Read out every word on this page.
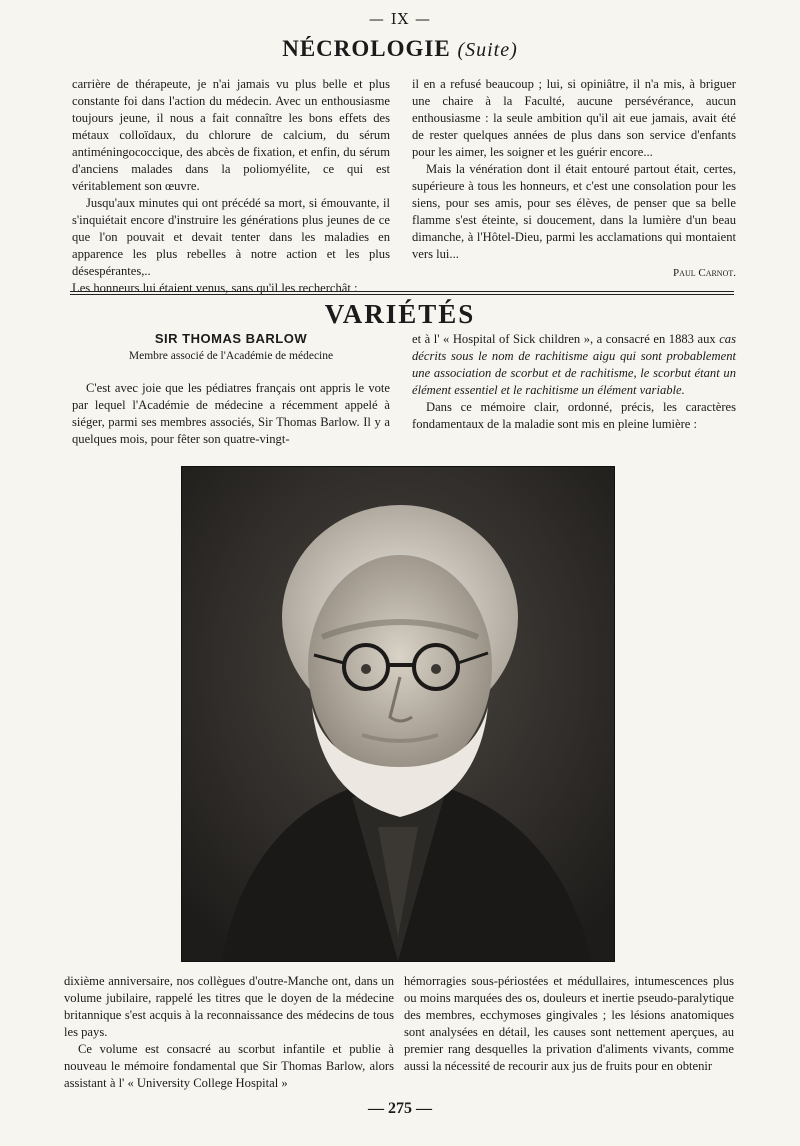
— IX —
NÉCROLOGIE (Suite)

carrière de thérapeute, je n'ai jamais vu plus belle et plus constante foi dans l'action du médecin. Avec un enthousiasme toujours jeune, il nous a fait connaître les bons effets des métaux colloïdaux, du chlorure de calcium, du sérum antiméningococcique, des abcès de fixation, et enfin, du sérum d'anciens malades dans la poliomyélite, ce qui est véritablement son œuvre.

Jusqu'aux minutes qui ont précédé sa mort, si émouvante, il s'inquiétait encore d'instruire les générations plus jeunes de ce que l'on pouvait et devait tenter dans les maladies en apparence les plus rebelles à notre action et les plus désespérantes,..

Les honneurs lui étaient venus, sans qu'il les recherchât :

il en a refusé beaucoup ; lui, si opiniâtre, il n'a mis, à briguer une chaire à la Faculté, aucune persévérance, aucun enthousiasme : la seule ambition qu'il ait eue jamais, avait été de rester quelques années de plus dans son service d'enfants pour les aimer, les soigner et les guérir encore...

Mais la vénération dont il était entouré partout était, certes, supérieure à tous les honneurs, et c'est une consolation pour les siens, pour ses amis, pour ses élèves, de penser que sa belle flamme s'est éteinte, si doucement, dans la lumière d'un beau dimanche, à l'Hôtel-Dieu, parmi les acclamations qui montaient vers lui...

Paul Carnot.

VARIÉTÉS
SIR THOMAS BARLOW
Membre associé de l'Académie de médecine

C'est avec joie que les pédiatres français ont appris le vote par lequel l'Académie de médecine a récemment appelé à siéger, parmi ses membres associés, Sir Thomas Barlow. Il y a quelques mois, pour fêter son quatre-vingt-

et à l' « Hospital of Sick children », a consacré en 1883 aux cas décrits sous le nom de rachitisme aigu qui sont probablement une association de scorbut et de rachitisme, le scorbut étant un élément essentiel et le rachitisme un élément variable.

Dans ce mémoire clair, ordonné, précis, les caractères fondamentaux de la maladie sont mis en pleine lumière :

dixième anniversaire, nos collègues d'outre-Manche ont, dans un volume jubilaire, rappelé les titres que le doyen de la médecine britannique s'est acquis à la reconnaissance des médecins de tous les pays.

Ce volume est consacré au scorbut infantile et publie à nouveau le mémoire fondamental que Sir Thomas Barlow, alors assistant à l' « University College Hospital »

hémorragies sous-périostées et médullaires, intumescences plus ou moins marquées des os, douleurs et inertie pseudo-paralytique des membres, ecchymoses gingivales ; les lésions anatomiques sont analysées en détail, les causes sont nettement aperçues, au premier rang desquelles la privation d'aliments vivants, comme aussi la nécessité de recourir aux jus de fruits pour en obtenir

— 275 —
